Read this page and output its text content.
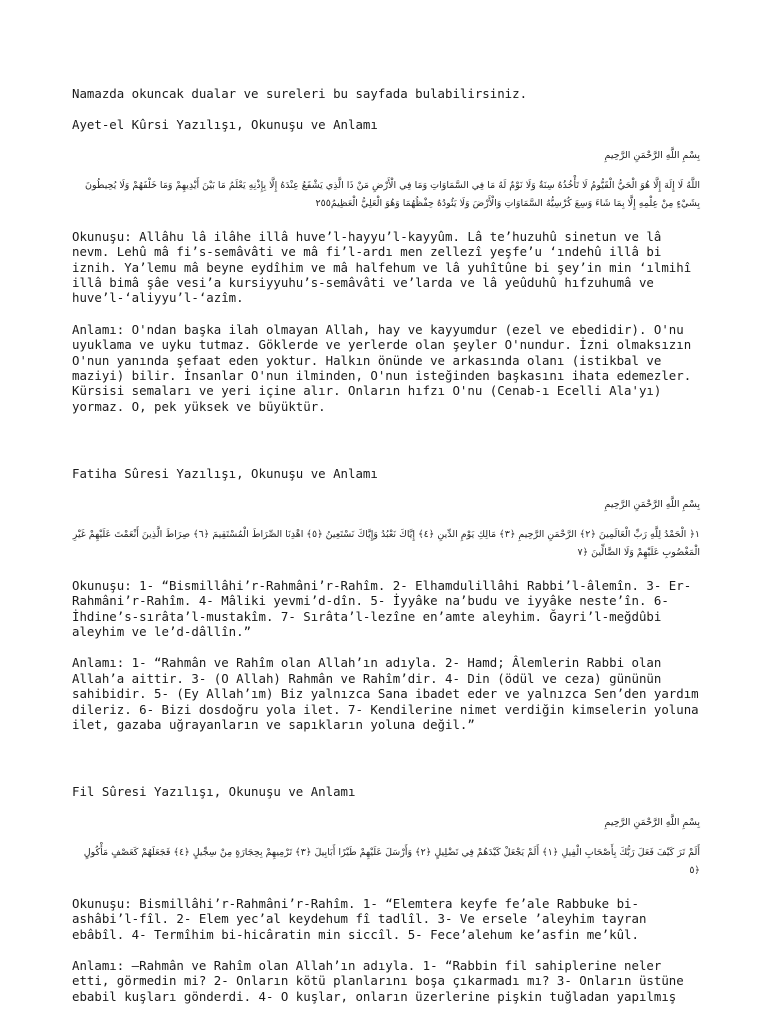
Namazda okuncak dualar ve sureleri bu sayfada bulabilirsiniz.

Ayet-el Kûrsi Yazılışı, Okunuşu ve Anlamı

بِسْمِ اللَّهِ الرَّحْمَنِ الرَّحِيمِ

اللَّهُ لَا إِلَهَ إِلَّا هُوَ الْحَيُّ الْقَيُّومُ لَا تَأْخُذُهُ سِنَةٌ وَلَا نَوْمٌ لَهُ مَا فِي السَّمَاوَاتِ وَمَا فِي الْأَرْضِ مَنْ ذَا الَّذِي يَشْفَعُ عِنْدَهُ إِلَّا بِإِذْنِهِ يَعْلَمُ مَا بَيْنَ أَيْدِيهِمْ وَمَا خَلْفَهُمْ وَلَا يُحِيطُونَ بِشَيْءٍ مِنْ عِلْمِهِ إِلَّا بِمَا شَاءَ وَسِعَ كُرْسِيُّهُ السَّمَاوَاتِ وَالْأَرْضَ وَلَا يَئُودُهُ حِفْظُهُمَا وَهُوَ الْعَلِيُّ الْعَظِيمُ٢٥٥

Okunuşu: Allâhu lâ ilâhe illâ huve’l-hayyu’l-kayyûm. Lâ te’huzuhû sinetun ve lâ nevm. Lehû mâ fi’s-semâvâti ve mâ fi’l-ardı men zellezî yeşfe’u ‘ındehû illâ bi iznih. Ya’lemu mâ beyne eydîhim ve mâ halfehum ve lâ yuhîtûne bi şey’in min ‘ılmihî illâ bimâ şâe vesi’a kursiyyuhu’s-semâvâti ve’larda ve lâ yeûduhû hıfzuhumâ ve huve’l-‘aliyyu’l-‘azîm.

Anlamı: O'ndan başka ilah olmayan Allah, hay ve kayyumdur (ezel ve ebedidir). O'nu uyuklama ve uyku tutmaz. Göklerde ve yerlerde olan şeyler O'nundur. İzni olmaksızın O'nun yanında şefaat eden yoktur. Halkın önünde ve arkasında olanı (istikbal ve maziyi) bilir. İnsanlar O'nun ilminden, O'nun isteğinden başkasını ihata edemezler. Kürsisi semaları ve yeri içine alır. Onların hıfzı O'nu (Cenab-ı Ecelli Ala'yı) yormaz. O, pek yüksek ve büyüktür.

Fatiha Sûresi Yazılışı, Okunuşu ve Anlamı

بِسْمِ اللَّهِ الرَّحْمَنِ الرَّحِيمِ

١﴿ الْحَمْدُ لِلَّهِ رَبِّ الْعَالَمِينَ ﴿٢﴾ الرَّحْمَنِ الرَّحِيمِ ﴿٣﴾ مَالِكِ يَوْمِ الدِّينِ ﴿٤﴾ إِيَّاكَ نَعْبُدُ وَإِيَّاكَ نَسْتَعِينُ ﴿٥﴾ اهْدِنَا الصِّرَاطَ الْمُسْتَقِيمَ ﴿٦﴾ صِرَاطَ الَّذِينَ أَنْعَمْتَ عَلَيْهِمْ غَيْرِ الْمَغْضُوبِ عَلَيْهِمْ وَلَا الضَّالِّينَ ﴿٧

Okunuşu: 1- “Bismillâhi’r-Rahmâni’r-Rahîm. 2- Elhamdulillâhi Rabbi’l-âlemîn. 3- Er-Rahmâni’r-Rahîm. 4- Mâliki yevmi’d-dîn. 5- İyyâke na’budu ve iyyâke neste’în. 6- İhdine’s-sırâta’l-mustakîm. 7- Sırâta’l-lezîne en’amte aleyhim. Ğayri’l-meğdûbi aleyhim ve le’d-dâllîn.”

Anlamı: 1- “Rahmân ve Rahîm olan Allah’ın adıyla. 2- Hamd; Âlemlerin Rabbi olan Allah’a aittir. 3- (O Allah) Rahmân ve Rahîm’dir. 4- Din (ödül ve ceza) gününün sahibidir. 5- (Ey Allah’ım) Biz yalnızca Sana ibadet eder ve yalnızca Sen’den yardım dileriz. 6- Bizi dosdoğru yola ilet. 7- Kendilerine nimet verdiğin kimselerin yoluna ilet, gazaba uğrayanların ve sapıkların yoluna değil.”

Fil Sûresi Yazılışı, Okunuşu ve Anlamı

بِسْمِ اللَّهِ الرَّحْمَنِ الرَّحِيمِ

أَلَمْ تَرَ كَيْفَ فَعَلَ رَبُّكَ بِأَصْحَابِ الْفِيلِ ﴿١﴾ أَلَمْ يَجْعَلْ كَيْدَهُمْ فِي تَضْلِيلٍ ﴿٢﴾ وَأَرْسَلَ عَلَيْهِمْ طَيْرًا أَبَابِيلَ ﴿٣﴾ تَرْمِيهِمْ بِحِجَارَةٍ مِنْ سِجِّيلٍ ﴿٤﴾ فَجَعَلَهُمْ كَعَصْفٍ مَأْكُولٍ ﴿٥

Okunuşu: Bismillâhi’r-Rahmâni’r-Rahîm. 1- “Elemtera keyfe fe’ale Rabbuke bi-ashâbi’l-fîl. 2- Elem yec’al keydehum fî tadlîl. 3- Ve ersele ’aleyhim tayran ebâbîl. 4- Termîhim bi-hicâratin min siccîl. 5- Fece’alehum ke’asfin me’kûl.

Anlamı: —Rahmân ve Rahîm olan Allah’ın adıyla. 1- “Rabbin fil sahiplerine neler etti, görmedin mi? 2- Onların kötü planlarını boşa çıkarmadı mı? 3- Onların üstüne ebabil kuşları gönderdi. 4- O kuşlar, onların üzerlerine pişkin tuğladan yapılmış
